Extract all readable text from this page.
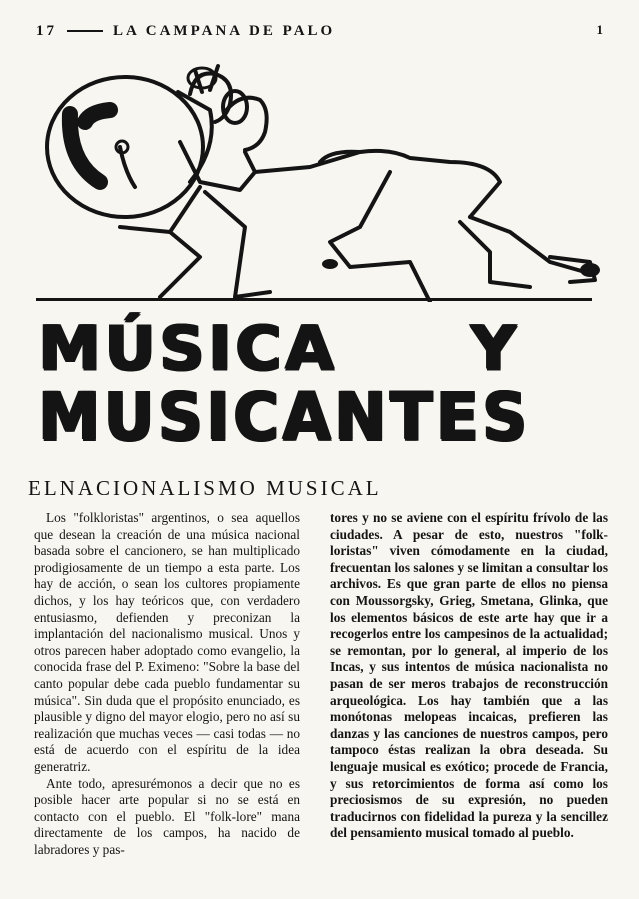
17	LA CAMPANA DE PALO	1
MÚSICA Y
MUSICANTES
ELNACIONALISMO MUSICAL

Los "folkloristas" argentinos, o sea aquellos que desean la creación de una música nacional basada sobre el cancionero, se han multiplicado prodigiosamente de un tiempo a esta parte. Los hay de acción, o sean los cultores propiamente dichos, y los hay teóricos que, con verdadero entusiasmo, defienden y preconizan la implantación del nacionalismo musical. Unos y otros parecen haber adoptado como evangelio, la conocida frase del P. Eximeno: "Sobre la base del canto popular debe cada pueblo fundamentar su música". Sin duda que el propósito enunciado, es plausible y digno del mayor elogio, pero no así su realización que muchas veces — casi todas — no está de acuerdo con el espíritu de la idea generatriz.

Ante todo, apresurémonos a decir que no es posible hacer arte popular si no se está en contacto con el pueblo. El "folk-lore" mana directamente de los campos, ha nacido de labradores y pas-

tores y no se aviene con el espíritu frívolo de las ciudades. A pesar de esto, nuestros "folk-loristas" viven cómodamente en la ciudad, frecuentan los salones y se limitan a consultar los archivos. Es que gran parte de ellos no piensa con Moussorgsky, Grieg, Smetana, Glinka, que los elementos básicos de este arte hay que ir a recogerlos entre los campesinos de la actualidad; se remontan, por lo general, al imperio de los Incas, y sus intentos de música nacionalista no pasan de ser meros trabajos de reconstrucción arqueológica. Los hay también que a las monótonas melopeas incaicas, prefieren las danzas y las canciones de nuestros campos, pero tampoco éstas realizan la obra deseada. Su lenguaje musical es exótico; procede de Francia, y sus retorcimientos de forma así como los preciosismos de su expresión, no pueden traducirnos con fidelidad la pureza y la sencillez del pensamiento musical tomado al pueblo.
